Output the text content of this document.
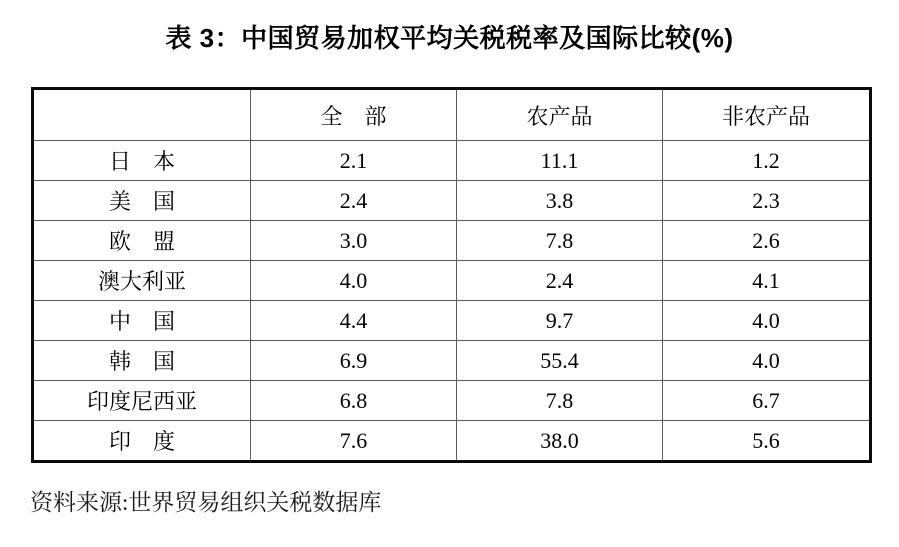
表 3：中国贸易加权平均关税税率及国际比较(%)
	全　部	农产品	非农产品
日　本	2.1	11.1	1.2
美　国	2.4	3.8	2.3
欧　盟	3.0	7.8	2.6
澳大利亚	4.0	2.4	4.1
中　国	4.4	9.7	4.0
韩　国	6.9	55.4	4.0
印度尼西亚	6.8	7.8	6.7
印　度	7.6	38.0	5.6
资料来源:世界贸易组织关税数据库
